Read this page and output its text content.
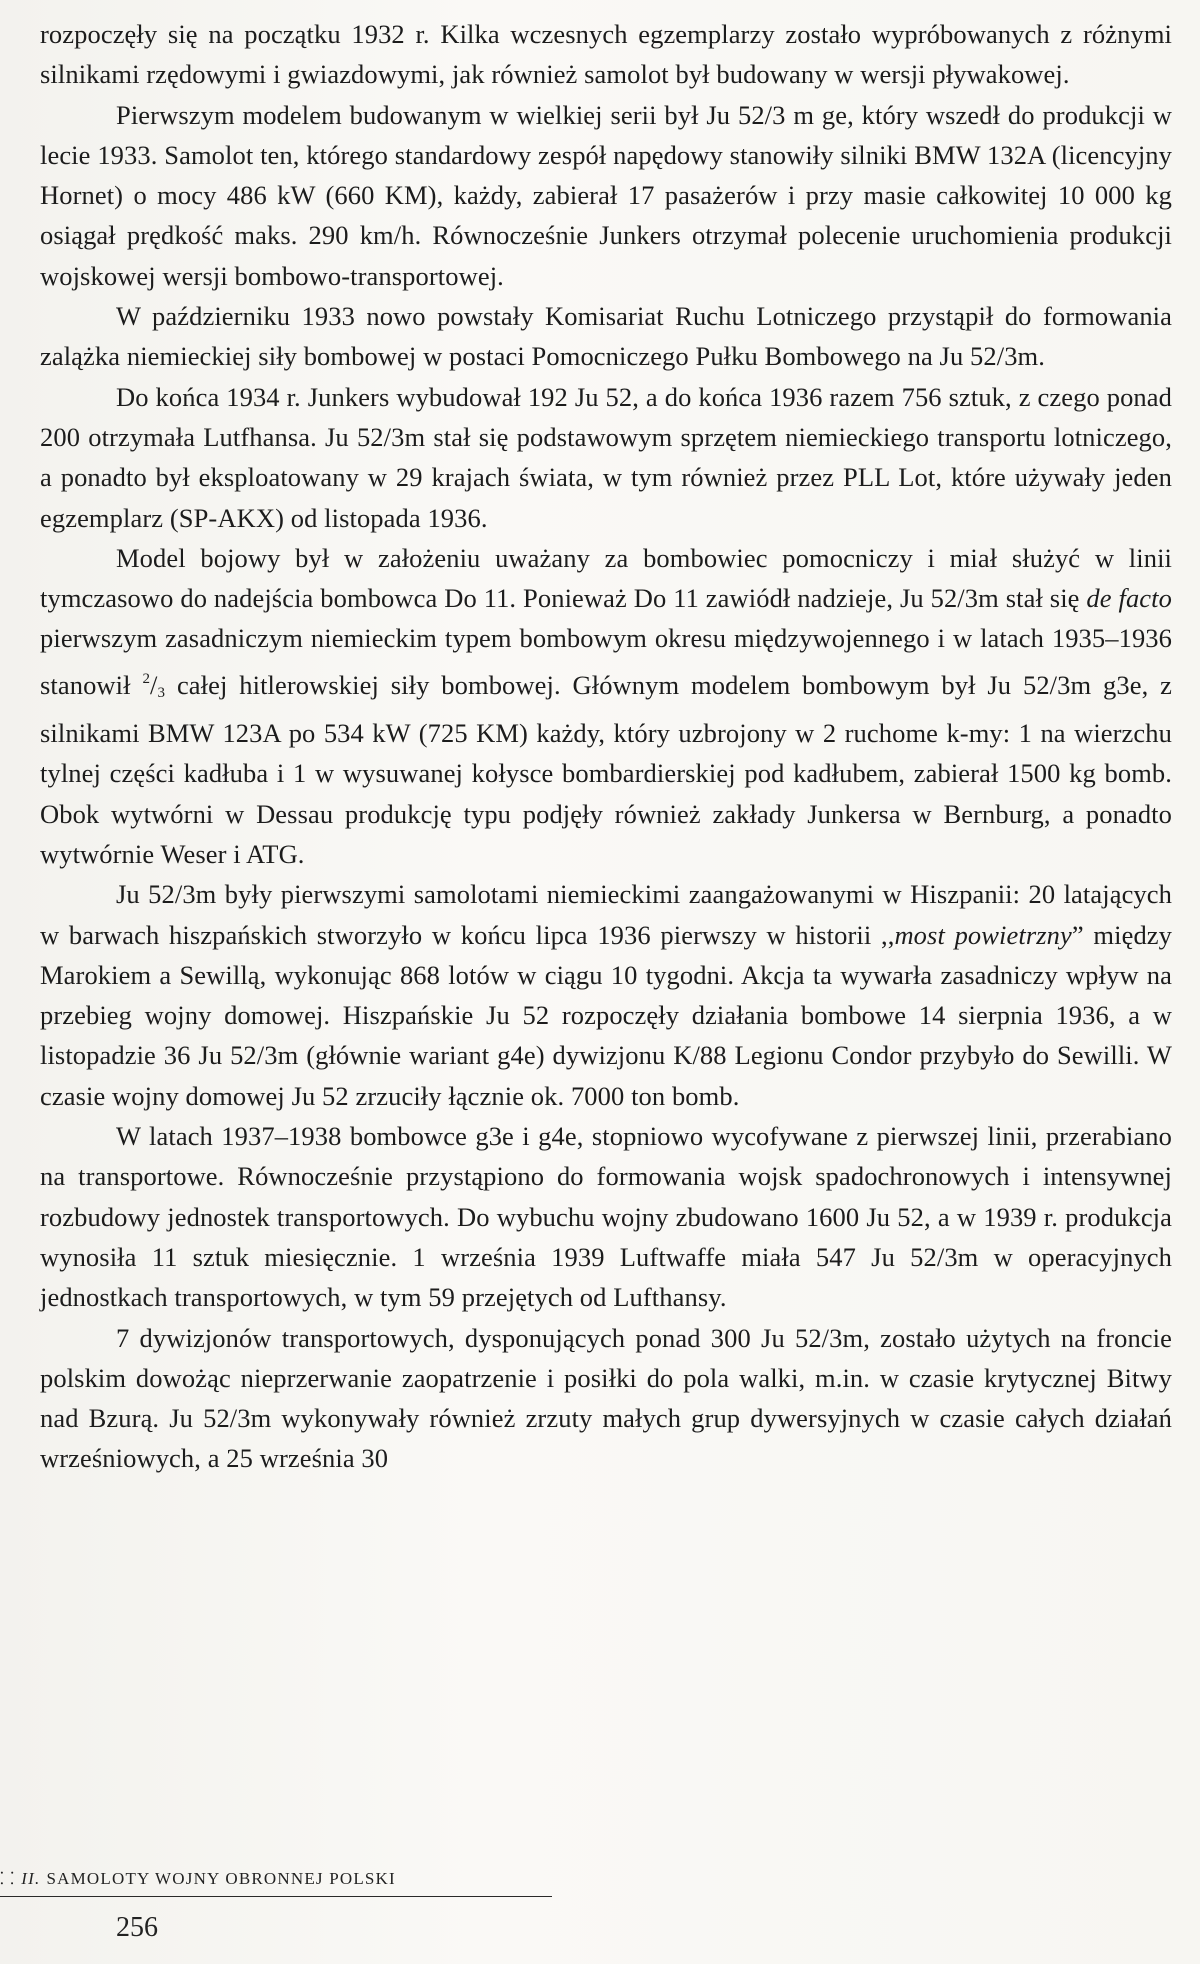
rozpoczęły się na początku 1932 r. Kilka wczesnych egzemplarzy zostało wypróbowanych z różnymi silnikami rzędowymi i gwiazdowymi, jak również samolot był budowany w wersji pływakowej.

Pierwszym modelem budowanym w wielkiej serii był Ju 52/3 m ge, który wszedł do produkcji w lecie 1933. Samolot ten, którego standardowy zespół napędowy stanowiły silniki BMW 132A (licencyjny Hornet) o mocy 486 kW (660 KM), każdy, zabierał 17 pasażerów i przy masie całkowitej 10 000 kg osiągał prędkość maks. 290 km/h. Równocześnie Junkers otrzymał polecenie uruchomienia produkcji wojskowej wersji bombowo-transportowej.

W październiku 1933 nowo powstały Komisariat Ruchu Lotniczego przystąpił do formowania zalążka niemieckiej siły bombowej w postaci Pomocniczego Pułku Bombowego na Ju 52/3m.

Do końca 1934 r. Junkers wybudował 192 Ju 52, a do końca 1936 razem 756 sztuk, z czego ponad 200 otrzymała Lutfhansa. Ju 52/3m stał się podstawowym sprzętem niemieckiego transportu lotniczego, a ponadto był eksploatowany w 29 krajach świata, w tym również przez PLL Lot, które używały jeden egzemplarz (SP-AKX) od listopada 1936.

Model bojowy był w założeniu uważany za bombowiec pomocniczy i miał służyć w linii tymczasowo do nadejścia bombowca Do 11. Ponieważ Do 11 zawiódł nadzieje, Ju 52/3m stał się de facto pierwszym zasadniczym niemieckim typem bombowym okresu międzywojennego i w latach 1935–1936 stanowił $^2/_3$ całej hitlerowskiej siły bombowej. Głównym modelem bombowym był Ju 52/3m g3e, z silnikami BMW 123A po 534 kW (725 KM) każdy, który uzbrojony w 2 ruchome k-my: 1 na wierzchu tylnej części kadłuba i 1 w wysuwanej kołysce bombardierskiej pod kadłubem, zabierał 1500 kg bomb. Obok wytwórni w Dessau produkcję typu podjęły również zakłady Junkersa w Bernburg, a ponadto wytwórnie Weser i ATG.

Ju 52/3m były pierwszymi samolotami niemieckimi zaangażowanymi w Hiszpanii: 20 latających w barwach hiszpańskich stworzyło w końcu lipca 1936 pierwszy w historii ,,most powietrzny” między Marokiem a Sewillą, wykonując 868 lotów w ciągu 10 tygodni. Akcja ta wywarła zasadniczy wpływ na przebieg wojny domowej. Hiszpańskie Ju 52 rozpoczęły działania bombowe 14 sierpnia 1936, a w listopadzie 36 Ju 52/3m (głównie wariant g4e) dywizjonu K/88 Legionu Condor przybyło do Sewilli. W czasie wojny domowej Ju 52 zrzuciły łącznie ok. 7000 ton bomb.

W latach 1937–1938 bombowce g3e i g4e, stopniowo wycofywane z pierwszej linii, przerabiano na transportowe. Równocześnie przystąpiono do formowania wojsk spadochronowych i intensywnej rozbudowy jednostek transportowych. Do wybuchu wojny zbudowano 1600 Ju 52, a w 1939 r. produkcja wynosiła 11 sztuk miesięcznie. 1 września 1939 Luftwaffe miała 547 Ju 52/3m w operacyjnych jednostkach transportowych, w tym 59 przejętych od Lufthansy.

7 dywizjonów transportowych, dysponujących ponad 300 Ju 52/3m, zostało użytych na froncie polskim dowożąc nieprzerwanie zaopatrzenie i posiłki do pola walki, m.in. w czasie krytycznej Bitwy nad Bzurą. Ju 52/3m wykonywały również zrzuty małych grup dywersyjnych w czasie całych działań wrześniowych, a 25 września 30

⸬ II. SAMOLOTY WOJNY OBRONNEJ POLSKI
256
